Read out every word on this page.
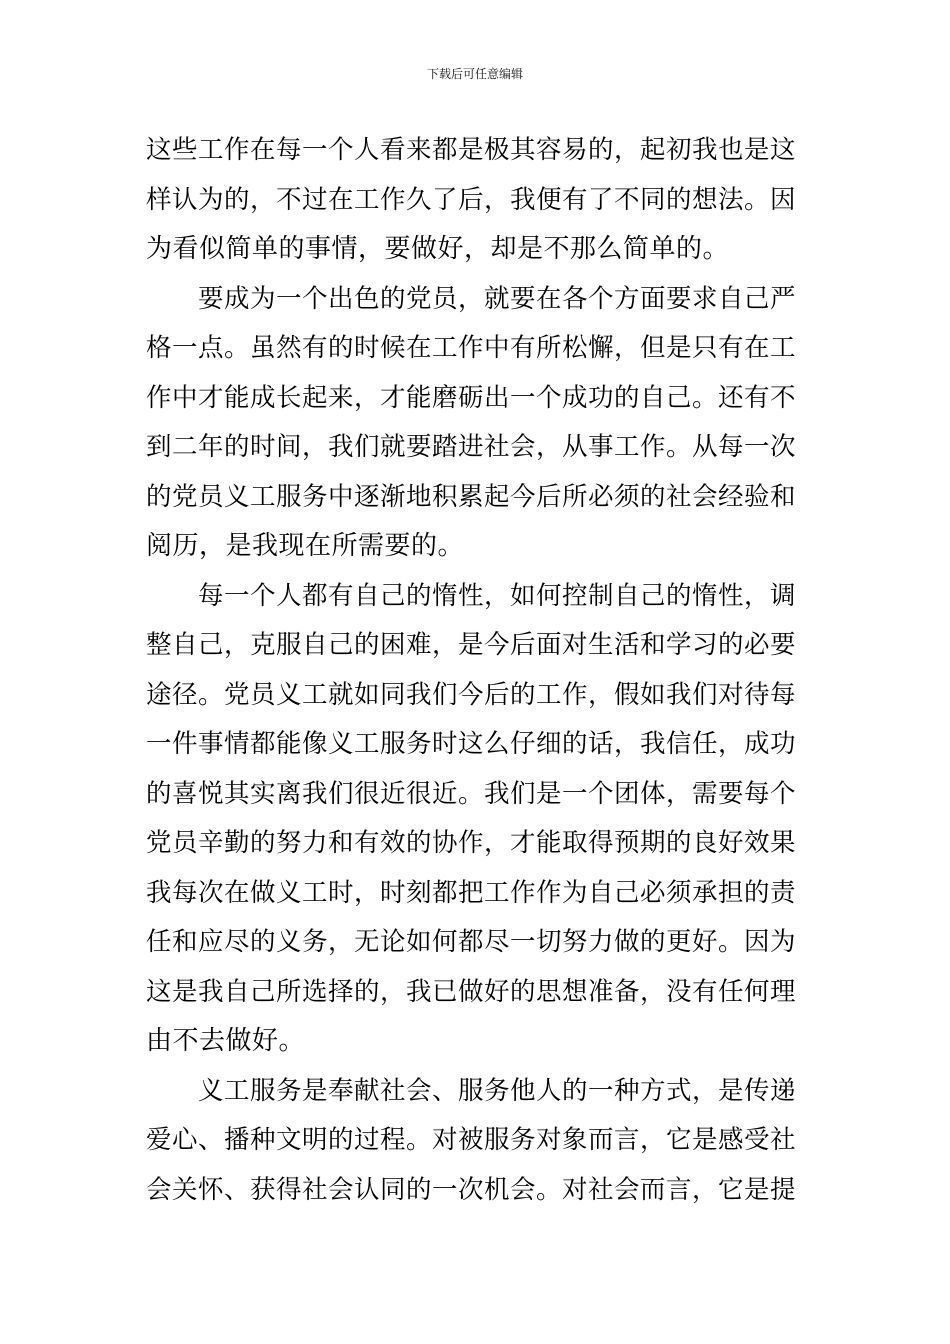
下载后可任意编辑
这些工作在每一个人看来都是极其容易的，起初我也是这
样认为的，不过在工作久了后，我便有了不同的想法。因
为看似简单的事情，要做好，却是不那么简单的。
要成为一个出色的党员，就要在各个方面要求自己严
格一点。虽然有的时候在工作中有所松懈，但是只有在工
作中才能成长起来，才能磨砺出一个成功的自己。还有不
到二年的时间，我们就要踏进社会，从事工作。从每一次
的党员义工服务中逐渐地积累起今后所必须的社会经验和
阅历，是我现在所需要的。
每一个人都有自己的惰性，如何控制自己的惰性，调
整自己，克服自己的困难，是今后面对生活和学习的必要
途径。党员义工就如同我们今后的工作，假如我们对待每
一件事情都能像义工服务时这么仔细的话，我信任，成功
的喜悦其实离我们很近很近。我们是一个团体，需要每个
党员辛勤的努力和有效的协作，才能取得预期的良好效果
我每次在做义工时，时刻都把工作作为自己必须承担的责
任和应尽的义务，无论如何都尽一切努力做的更好。因为
这是我自己所选择的，我已做好的思想准备，没有任何理
由不去做好。
义工服务是奉献社会、服务他人的一种方式，是传递
爱心、播种文明的过程。对被服务对象而言，它是感受社
会关怀、获得社会认同的一次机会。对社会而言，它是提
